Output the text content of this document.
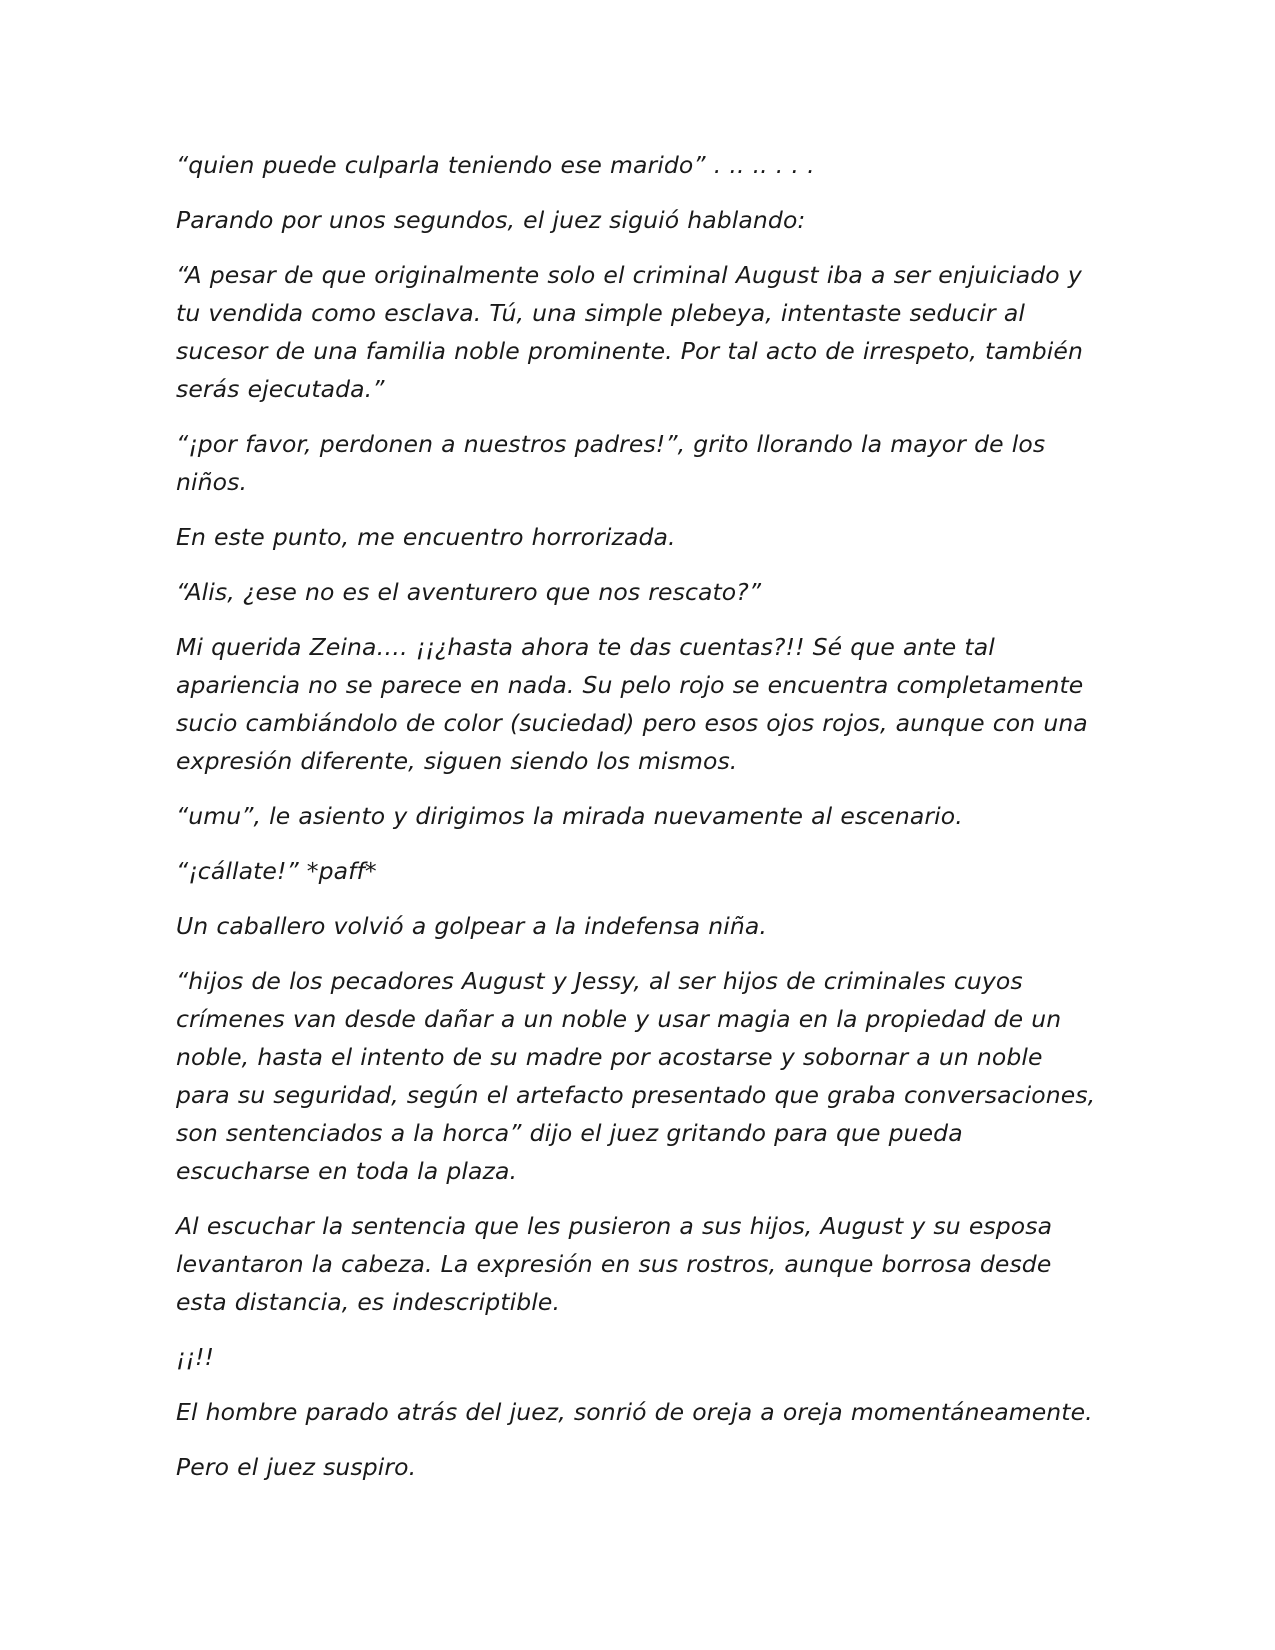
“quien puede culparla teniendo ese marido” . .. .. . . .

Parando por unos segundos, el juez siguió hablando:

“A pesar de que originalmente solo el criminal August iba a ser enjuiciado y tu vendida como esclava. Tú, una simple plebeya, intentaste seducir al sucesor de una familia noble prominente. Por tal acto de irrespeto, también serás ejecutada.”

“¡por favor, perdonen a nuestros padres!”, grito llorando la mayor de los niños.

En este punto, me encuentro horrorizada.

“Alis, ¿ese no es el aventurero que nos rescato?”

Mi querida Zeina…. ¡¡¿hasta ahora te das cuentas?!! Sé que ante tal apariencia no se parece en nada. Su pelo rojo se encuentra completamente sucio cambiándolo de color (suciedad) pero esos ojos rojos, aunque con una expresión diferente, siguen siendo los mismos.

“umu”, le asiento y dirigimos la mirada nuevamente al escenario.

“¡cállate!” *paff*

Un caballero volvió a golpear a la indefensa niña.

“hijos de los pecadores August y Jessy, al ser hijos de criminales cuyos crímenes van desde dañar a un noble y usar magia en la propiedad de un noble, hasta el intento de su madre por acostarse y sobornar a un noble para su seguridad, según el artefacto presentado que graba conversaciones, son sentenciados a la horca” dijo el juez gritando para que pueda escucharse en toda la plaza.

Al escuchar la sentencia que les pusieron a sus hijos, August y su esposa levantaron la cabeza. La expresión en sus rostros, aunque borrosa desde esta distancia, es indescriptible.

¡¡!!

El hombre parado atrás del juez, sonrió de oreja a oreja momentáneamente.

Pero el juez suspiro.
